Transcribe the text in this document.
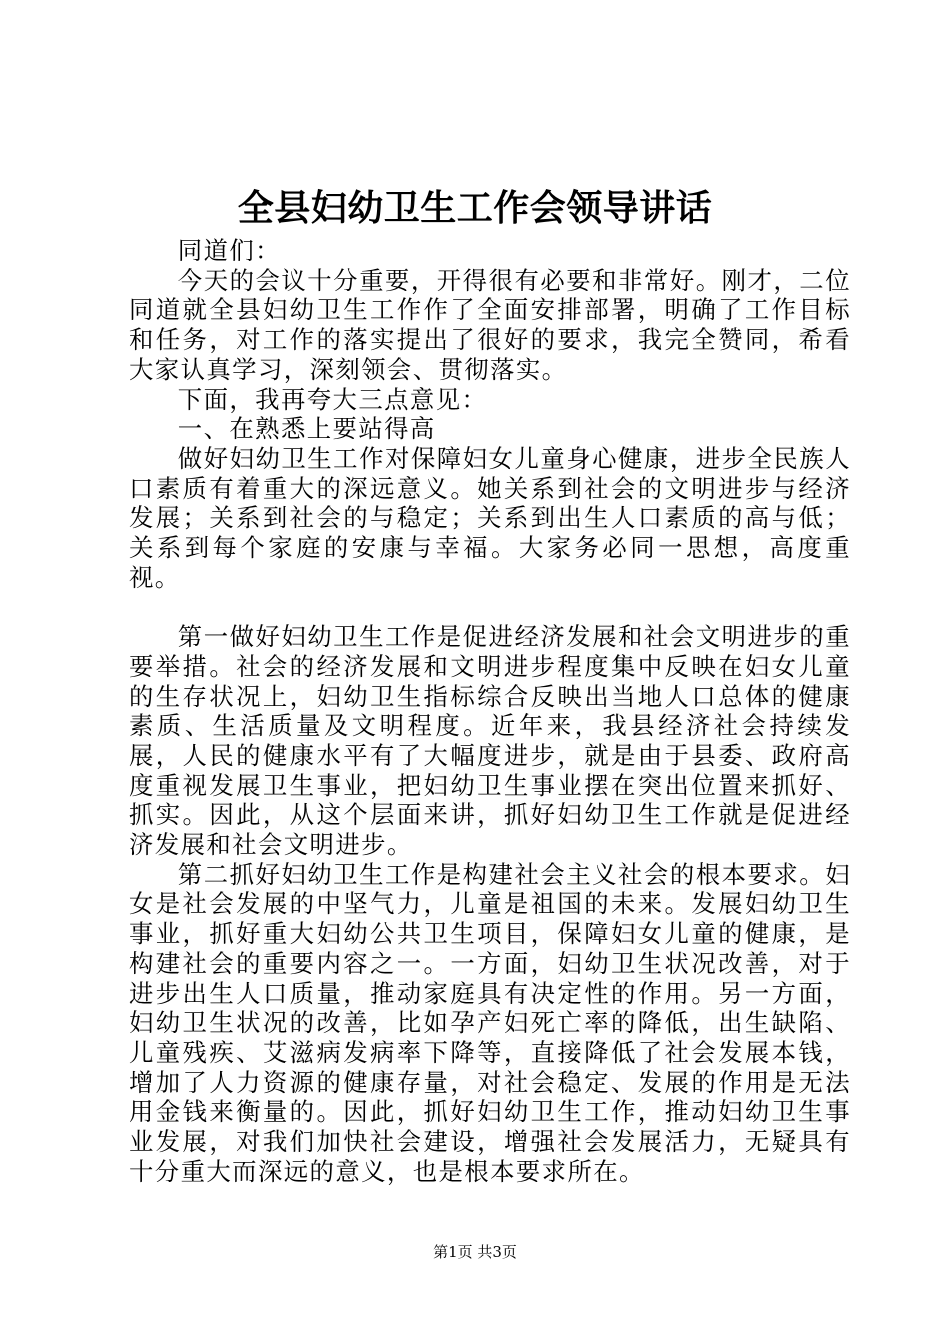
全县妇幼卫生工作会领导讲话

同道们：

今天的会议十分重要，开得很有必要和非常好。刚才，二位同道就全县妇幼卫生工作作了全面安排部署，明确了工作目标和任务，对工作的落实提出了很好的要求，我完全赞同，希看大家认真学习，深刻领会、贯彻落实。

下面，我再夸大三点意见：

一、在熟悉上要站得高

做好妇幼卫生工作对保障妇女儿童身心健康，进步全民族人口素质有着重大的深远意义。她关系到社会的文明进步与经济发展；关系到社会的与稳定；关系到出生人口素质的高与低；关系到每个家庭的安康与幸福。大家务必同一思想，高度重视。

第一做好妇幼卫生工作是促进经济发展和社会文明进步的重要举措。社会的经济发展和文明进步程度集中反映在妇女儿童的生存状况上，妇幼卫生指标综合反映出当地人口总体的健康素质、生活质量及文明程度。近年来，我县经济社会持续发展，人民的健康水平有了大幅度进步，就是由于县委、政府高度重视发展卫生事业，把妇幼卫生事业摆在突出位置来抓好、抓实。因此，从这个层面来讲，抓好妇幼卫生工作就是促进经济发展和社会文明进步。

第二抓好妇幼卫生工作是构建社会主义社会的根本要求。妇女是社会发展的中坚气力，儿童是祖国的未来。发展妇幼卫生事业，抓好重大妇幼公共卫生项目，保障妇女儿童的健康，是构建社会的重要内容之一。一方面，妇幼卫生状况改善，对于进步出生人口质量，推动家庭具有决定性的作用。另一方面，妇幼卫生状况的改善，比如孕产妇死亡率的降低，出生缺陷、儿童残疾、艾滋病发病率下降等，直接降低了社会发展本钱，增加了人力资源的健康存量，对社会稳定、发展的作用是无法用金钱来衡量的。因此，抓好妇幼卫生工作，推动妇幼卫生事业发展，对我们加快社会建设，增强社会发展活力，无疑具有十分重大而深远的意义，也是根本要求所在。

第1页 共3页
